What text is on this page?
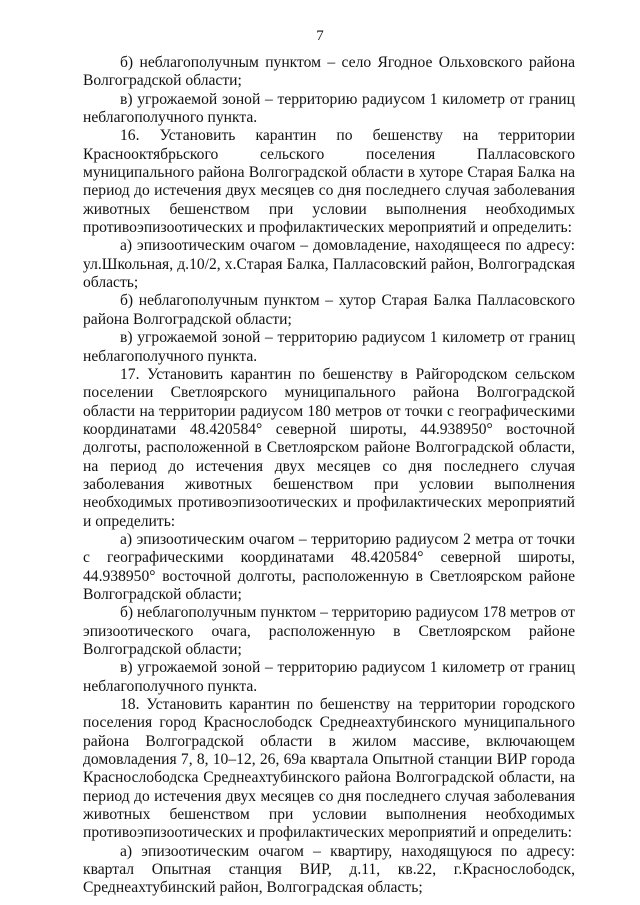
7

б) неблагополучным пунктом – село Ягодное Ольховского района Волгоградской области;

в) угрожаемой зоной – территорию радиусом 1 километр от границ неблагополучного пункта.

16. Установить карантин по бешенству на территории Краснооктябрьского сельского поселения Палласовского муниципального района Волгоградской области в хуторе Старая Балка на период до истечения двух месяцев со дня последнего случая заболевания животных бешенством при условии выполнения необходимых противоэпизоотических и профилактических мероприятий и определить:

а) эпизоотическим очагом – домовладение, находящееся по адресу: ул.Школьная, д.10/2, х.Старая Балка, Палласовский район, Волгоградская область;

б) неблагополучным пунктом – хутор Старая Балка Палласовского района Волгоградской области;

в) угрожаемой зоной – территорию радиусом 1 километр от границ неблагополучного пункта.

17. Установить карантин по бешенству в Райгородском сельском поселении Светлоярского муниципального района Волгоградской области на территории радиусом 180 метров от точки с географическими координатами 48.420584° северной широты, 44.938950° восточной долготы, расположенной в Светлоярском районе Волгоградской области, на период до истечения двух месяцев со дня последнего случая заболевания животных бешенством при условии выполнения необходимых противоэпизоотических и профилактических мероприятий и определить:

а) эпизоотическим очагом – территорию радиусом 2 метра от точки с географическими координатами 48.420584° северной широты, 44.938950° восточной долготы, расположенную в Светлоярском районе Волгоградской области;

б) неблагополучным пунктом – территорию радиусом 178 метров от эпизоотического очага, расположенную в Светлоярском районе Волгоградской области;

в) угрожаемой зоной – территорию радиусом 1 километр от границ неблагополучного пункта.

18. Установить карантин по бешенству на территории городского поселения город Краснослободск Среднеахтубинского муниципального района Волгоградской области в жилом массиве, включающем домовладения 7, 8, 10–12, 26, 69а квартала Опытной станции ВИР города Краснослободска Среднеахтубинского района Волгоградской области, на период до истечения двух месяцев со дня последнего случая заболевания животных бешенством при условии выполнения необходимых противоэпизоотических и профилактических мероприятий и определить:

а) эпизоотическим очагом – квартиру, находящуюся по адресу: квартал Опытная станция ВИР, д.11, кв.22, г.Краснослободск, Среднеахтубинский район, Волгоградская область;
